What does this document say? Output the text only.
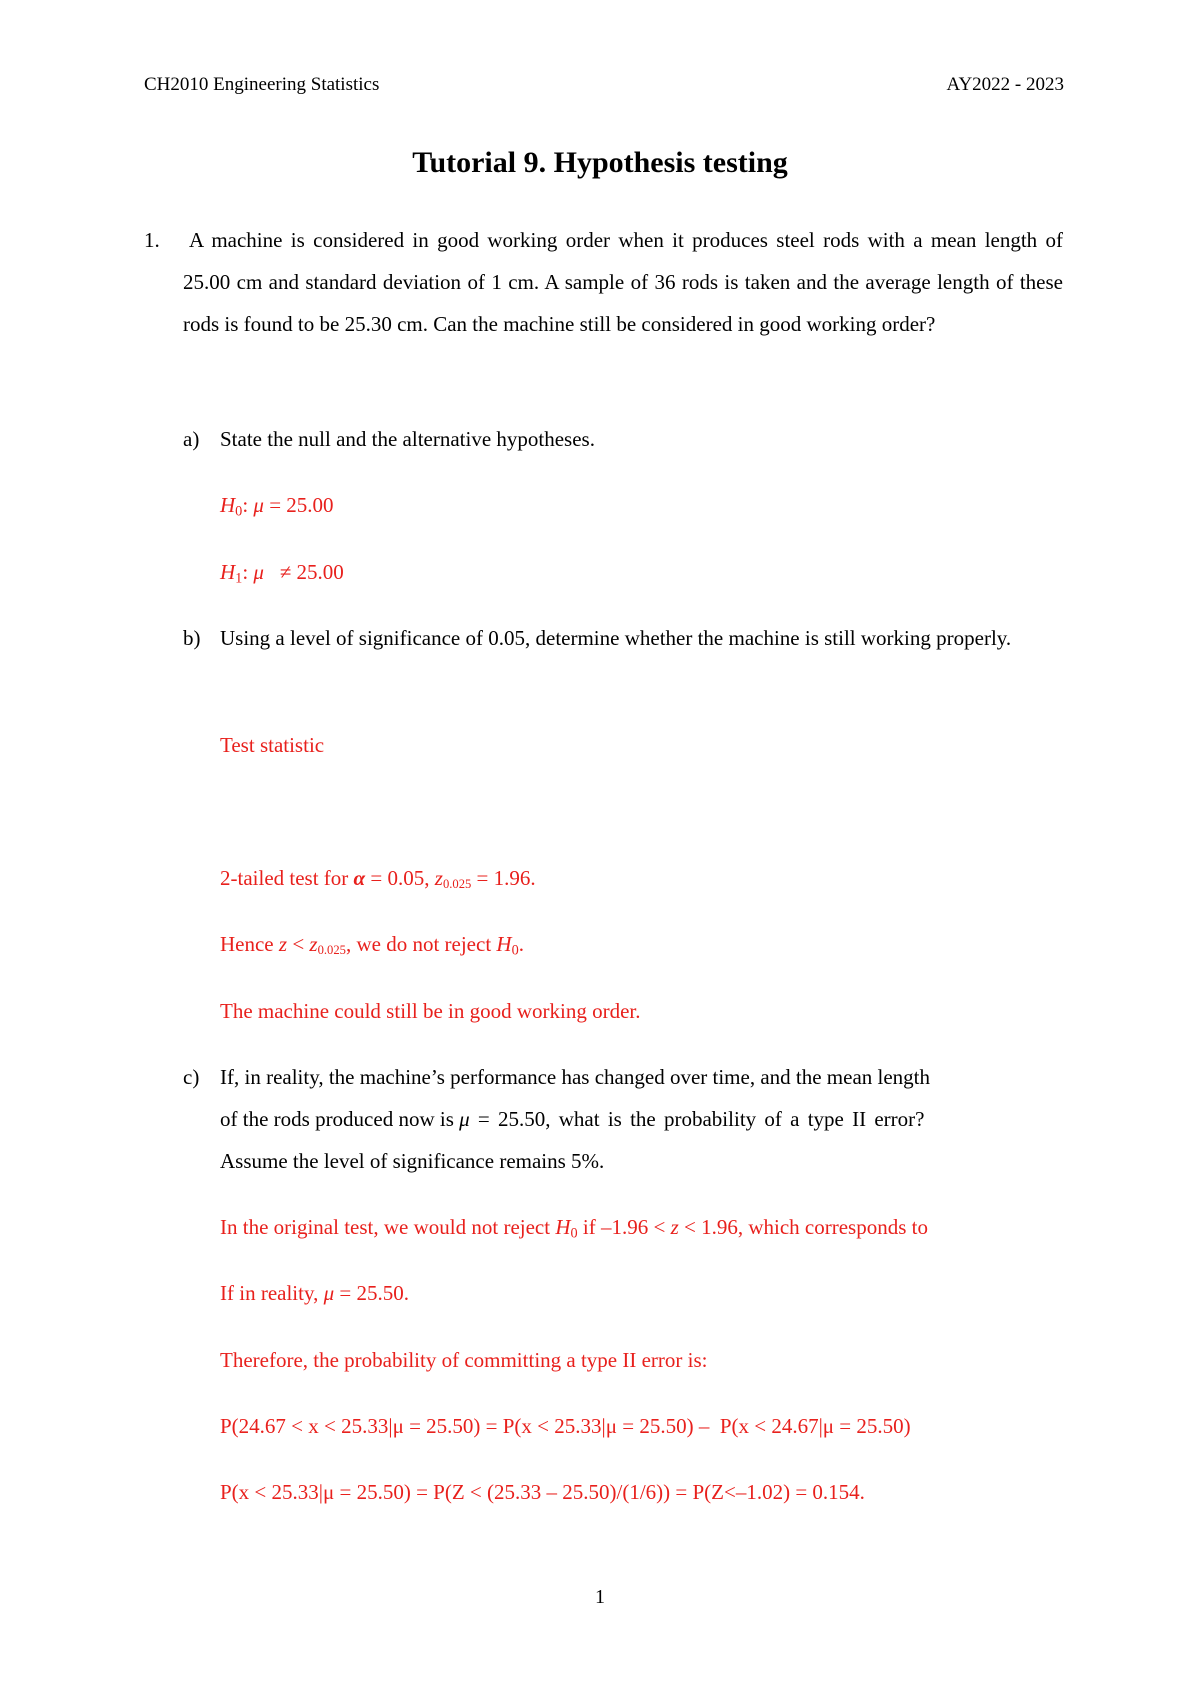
CH2010 Engineering Statistics	AY2022 - 2023
Tutorial 9. Hypothesis testing
1. A machine is considered in good working order when it produces steel rods with a mean length of 25.00 cm and standard deviation of 1 cm. A sample of 36 rods is taken and the average length of these rods is found to be 25.30 cm. Can the machine still be considered in good working order?
a) State the null and the alternative hypotheses.
$H_0$: μ = 25.00
$H_1$: μ   ≠ 25.00
b) Using a level of significance of 0.05, determine whether the machine is still working properly.
Test statistic
2-tailed test for α = 0.05, $z_{0.025} = 1.96$.
Hence $z < z_{0.025}$, we do not reject $H_0$.
The machine could still be in good working order.
c) If, in reality, the machine’s performance has changed over time, and the mean length
of the rods produced now is μ = 25.50, what is the probability of a type II error?
Assume the level of significance remains 5%.
In the original test, we would not reject $H_0$ if –1.96 < z < 1.96, which corresponds to
If in reality, μ = 25.50.
Therefore, the probability of committing a type II error is:
P(24.67 < x < 25.33|μ = 25.50) = P(x < 25.33|μ = 25.50) –  P(x < 24.67|μ = 25.50)
P(x < 25.33|μ = 25.50) = P(Z < (25.33 – 25.50)/(1/6)) = P(Z<–1.02) = 0.154.
1
